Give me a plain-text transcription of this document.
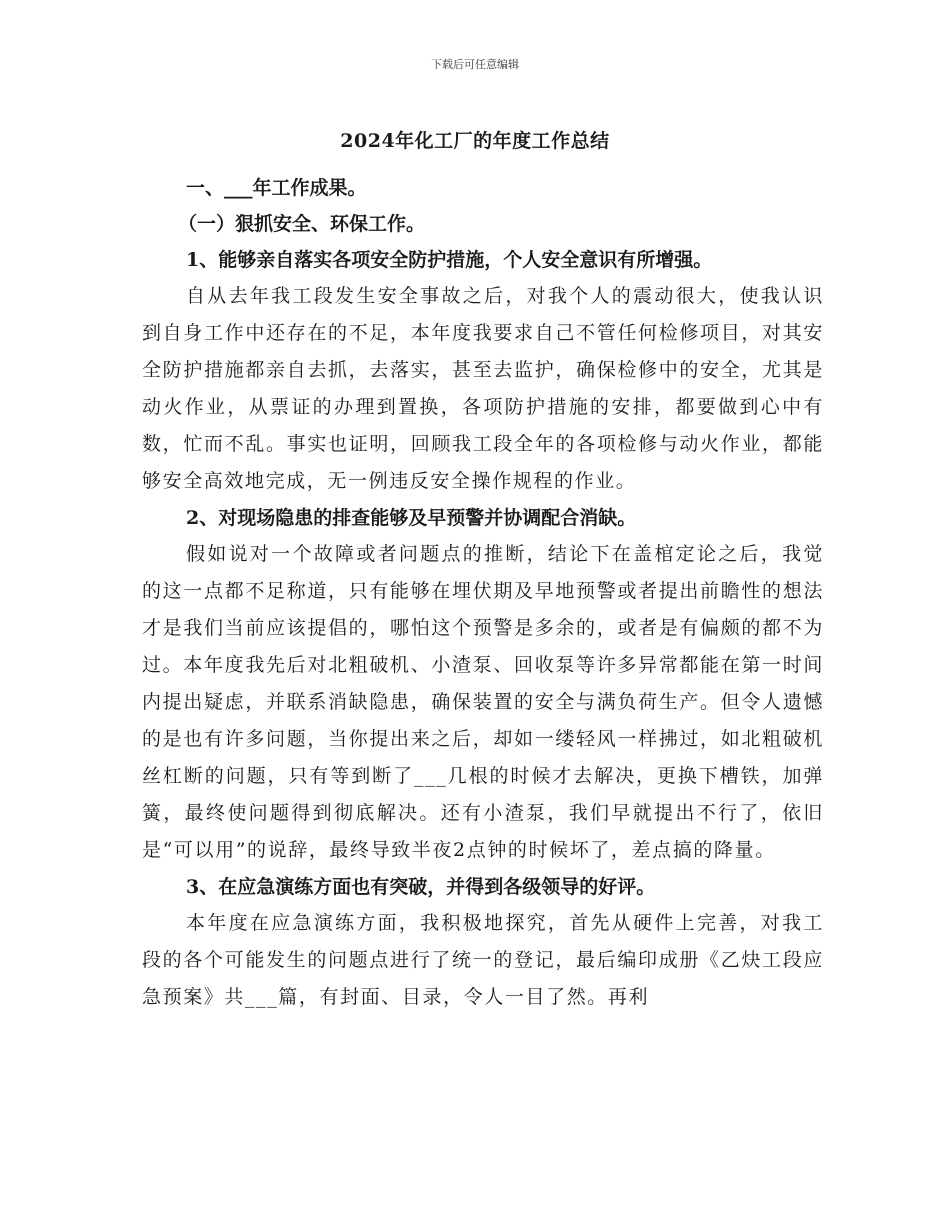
下载后可任意编辑
2024年化工厂的年度工作总结

一、___年工作成果。

（一）狠抓安全、环保工作。

1、能够亲自落实各项安全防护措施，个人安全意识有所增强。

自从去年我工段发生安全事故之后，对我个人的震动很大，使我认识到自身工作中还存在的不足，本年度我要求自己不管任何检修项目，对其安全防护措施都亲自去抓，去落实，甚至去监护，确保检修中的安全，尤其是动火作业，从票证的办理到置换，各项防护措施的安排，都要做到心中有数，忙而不乱。事实也证明，回顾我工段全年的各项检修与动火作业，都能够安全高效地完成，无一例违反安全操作规程的作业。

2、对现场隐患的排查能够及早预警并协调配合消缺。

假如说对一个故障或者问题点的推断，结论下在盖棺定论之后，我觉的这一点都不足称道，只有能够在埋伏期及早地预警或者提出前瞻性的想法才是我们当前应该提倡的，哪怕这个预警是多余的，或者是有偏颇的都不为过。本年度我先后对北粗破机、小渣泵、回收泵等许多异常都能在第一时间内提出疑虑，并联系消缺隐患，确保装置的安全与满负荷生产。但令人遗憾的是也有许多问题，当你提出来之后，却如一缕轻风一样拂过，如北粗破机丝杠断的问题，只有等到断了___几根的时候才去解决，更换下槽铁，加弹簧，最终使问题得到彻底解决。还有小渣泵，我们早就提出不行了，依旧是“可以用”的说辞，最终导致半夜2点钟的时候坏了，差点搞的降量。

3、在应急演练方面也有突破，并得到各级领导的好评。

本年度在应急演练方面，我积极地探究，首先从硬件上完善，对我工段的各个可能发生的问题点进行了统一的登记，最后编印成册《乙炔工段应急预案》共___篇，有封面、目录，令人一目了然。再利
